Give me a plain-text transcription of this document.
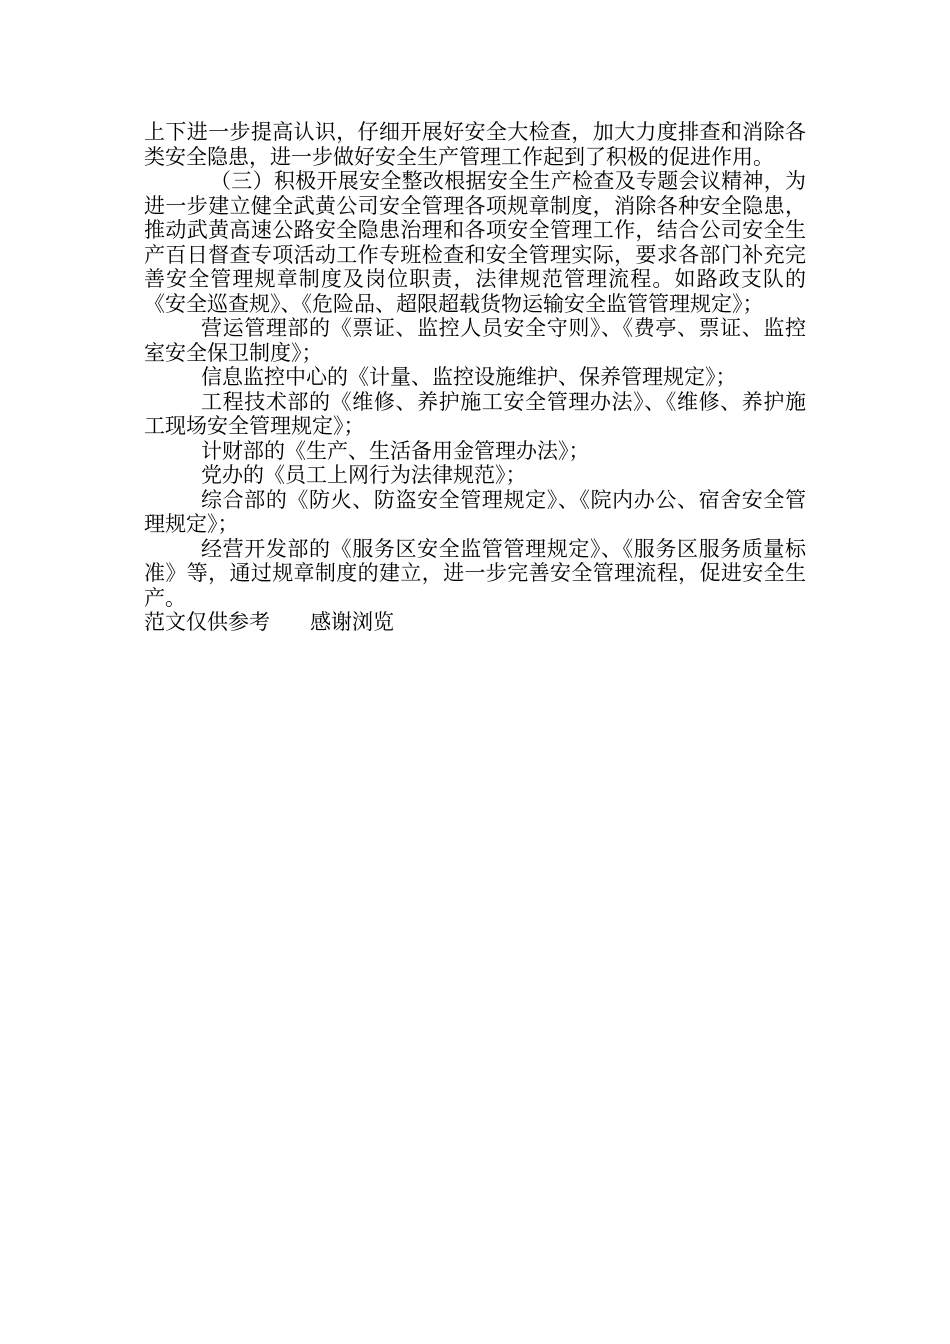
上下进一步提高认识，仔细开展好安全大检查，加大力度排查和消除各类安全隐患，进一步做好安全生产管理工作起到了积极的促进作用。

（三）积极开展安全整改根据安全生产检查及专题会议精神，为进一步建立健全武黄公司安全管理各项规章制度，消除各种安全隐患，推动武黄高速公路安全隐患治理和各项安全管理工作，结合公司安全生产百日督查专项活动工作专班检查和安全管理实际，要求各部门补充完善安全管理规章制度及岗位职责，法律规范管理流程。如路政支队的《安全巡查规》、《危险品、超限超载货物运输安全监管管理规定》；

营运管理部的《票证、监控人员安全守则》、《费亭、票证、监控室安全保卫制度》；

信息监控中心的《计量、监控设施维护、保养管理规定》；

工程技术部的《维修、养护施工安全管理办法》、《维修、养护施工现场安全管理规定》；

计财部的《生产、生活备用金管理办法》；

党办的《员工上网行为法律规范》；

综合部的《防火、防盗安全管理规定》、《院内办公、宿舍安全管理规定》；

经营开发部的《服务区安全监管管理规定》、《服务区服务质量标准》等，通过规章制度的建立，进一步完善安全管理流程，促进安全生产。

范文仅供参考 感谢浏览
